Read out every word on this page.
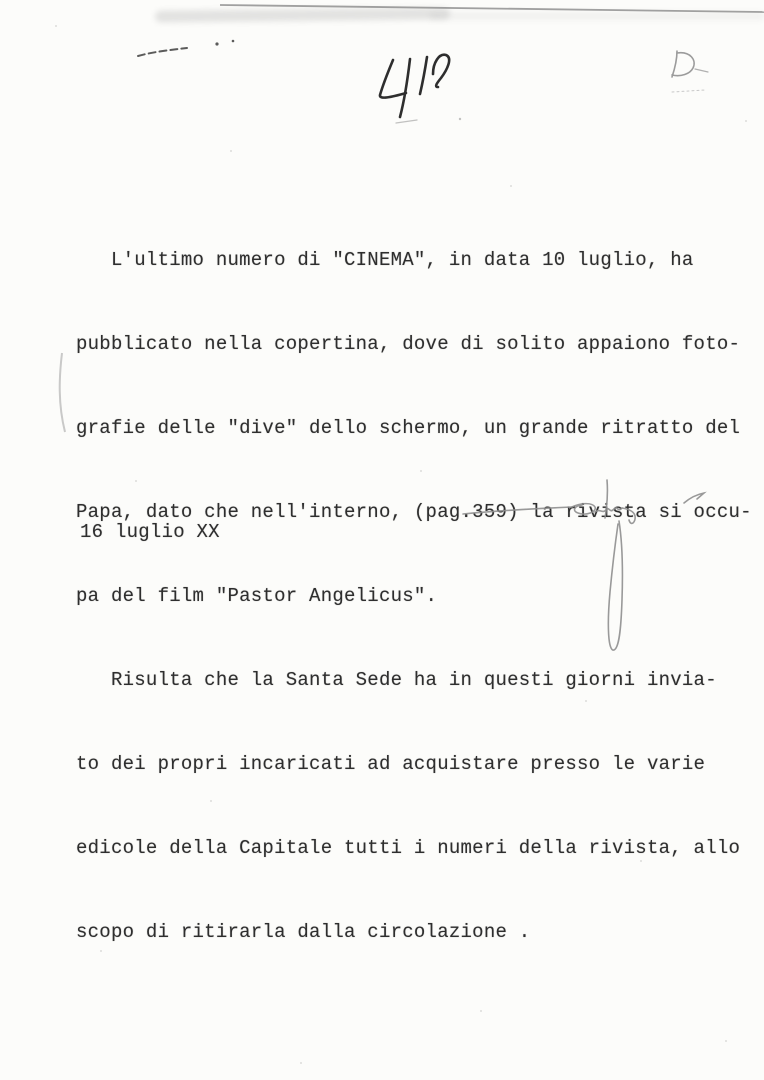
L'ultimo numero di "CINEMA", in data 10 luglio, ha

pubblicato nella copertina, dove di solito appaiono foto-

grafie delle "dive" dello schermo, un grande ritratto del

Papa, dato che nell'interno, (pag.359) la rivista si occu-

pa del film "Pastor Angelicus".

Risulta che la Santa Sede ha in questi giorni invia-

to dei propri incaricati ad acquistare presso le varie

edicole della Capitale tutti i numeri della rivista, allo

scopo di ritirarla dalla circolazione .

16 luglio XX
